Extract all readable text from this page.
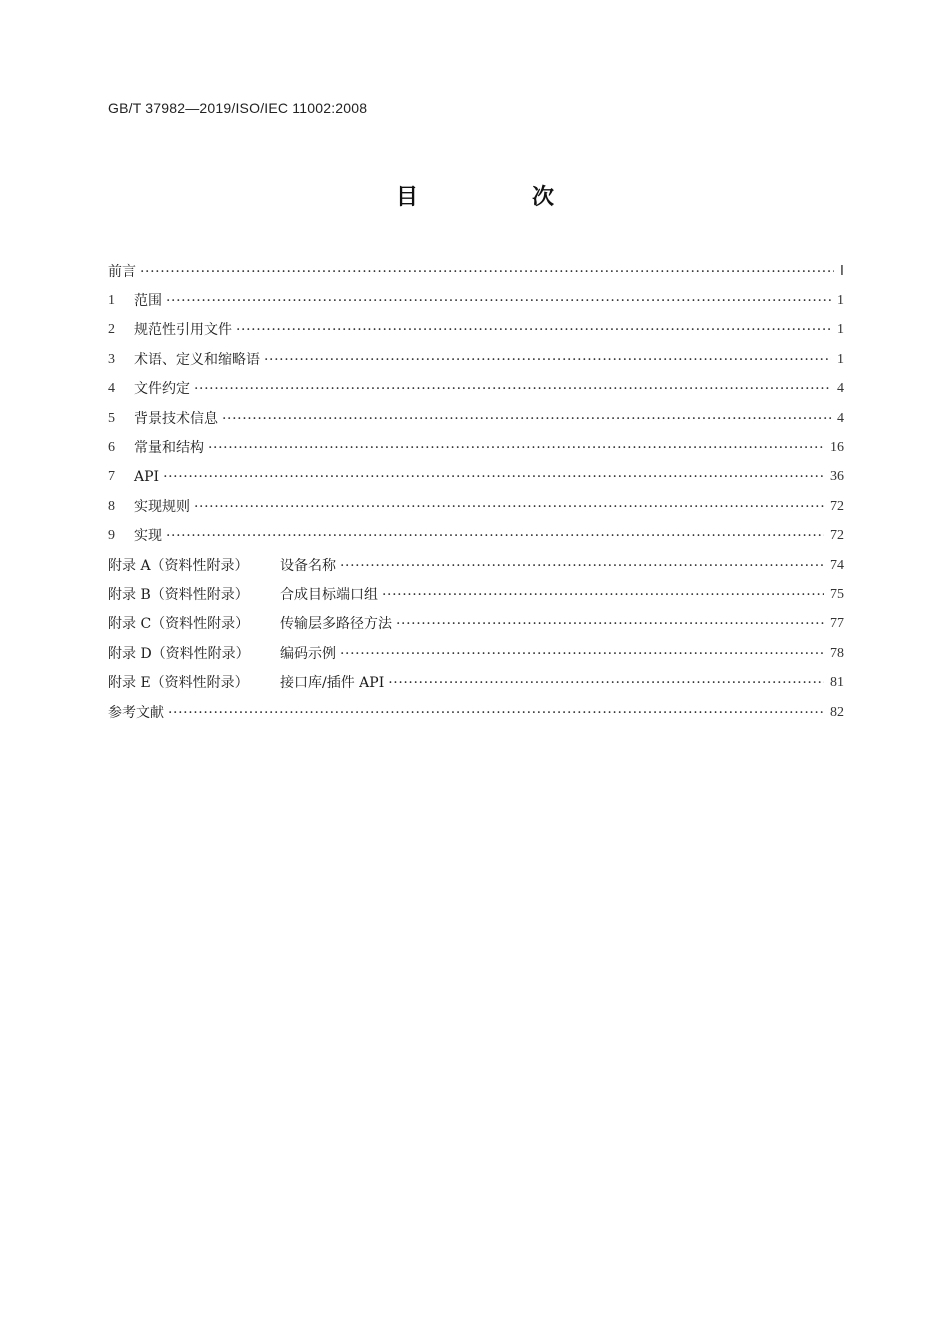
GB/T 37982—2019/ISO/IEC 11002:2008
目　次
前言 ·····	Ⅰ
1	范围 ·····	1
2	规范性引用文件 ·····	1
3	术语、定义和缩略语 ·····	1
4	文件约定 ·····	4
5	背景技术信息 ·····	4
6	常量和结构 ·····	16
7	API ·····	36
8	实现规则 ·····	72
9	实现 ·····	72
附录 A（资料性附录） 设备名称 ·····	74
附录 B（资料性附录） 合成目标端口组 ·····	75
附录 C（资料性附录） 传输层多路径方法 ·····	77
附录 D（资料性附录） 编码示例 ·····	78
附录 E（资料性附录） 接口库/插件 API ·····	81
参考文献 ·····	82
